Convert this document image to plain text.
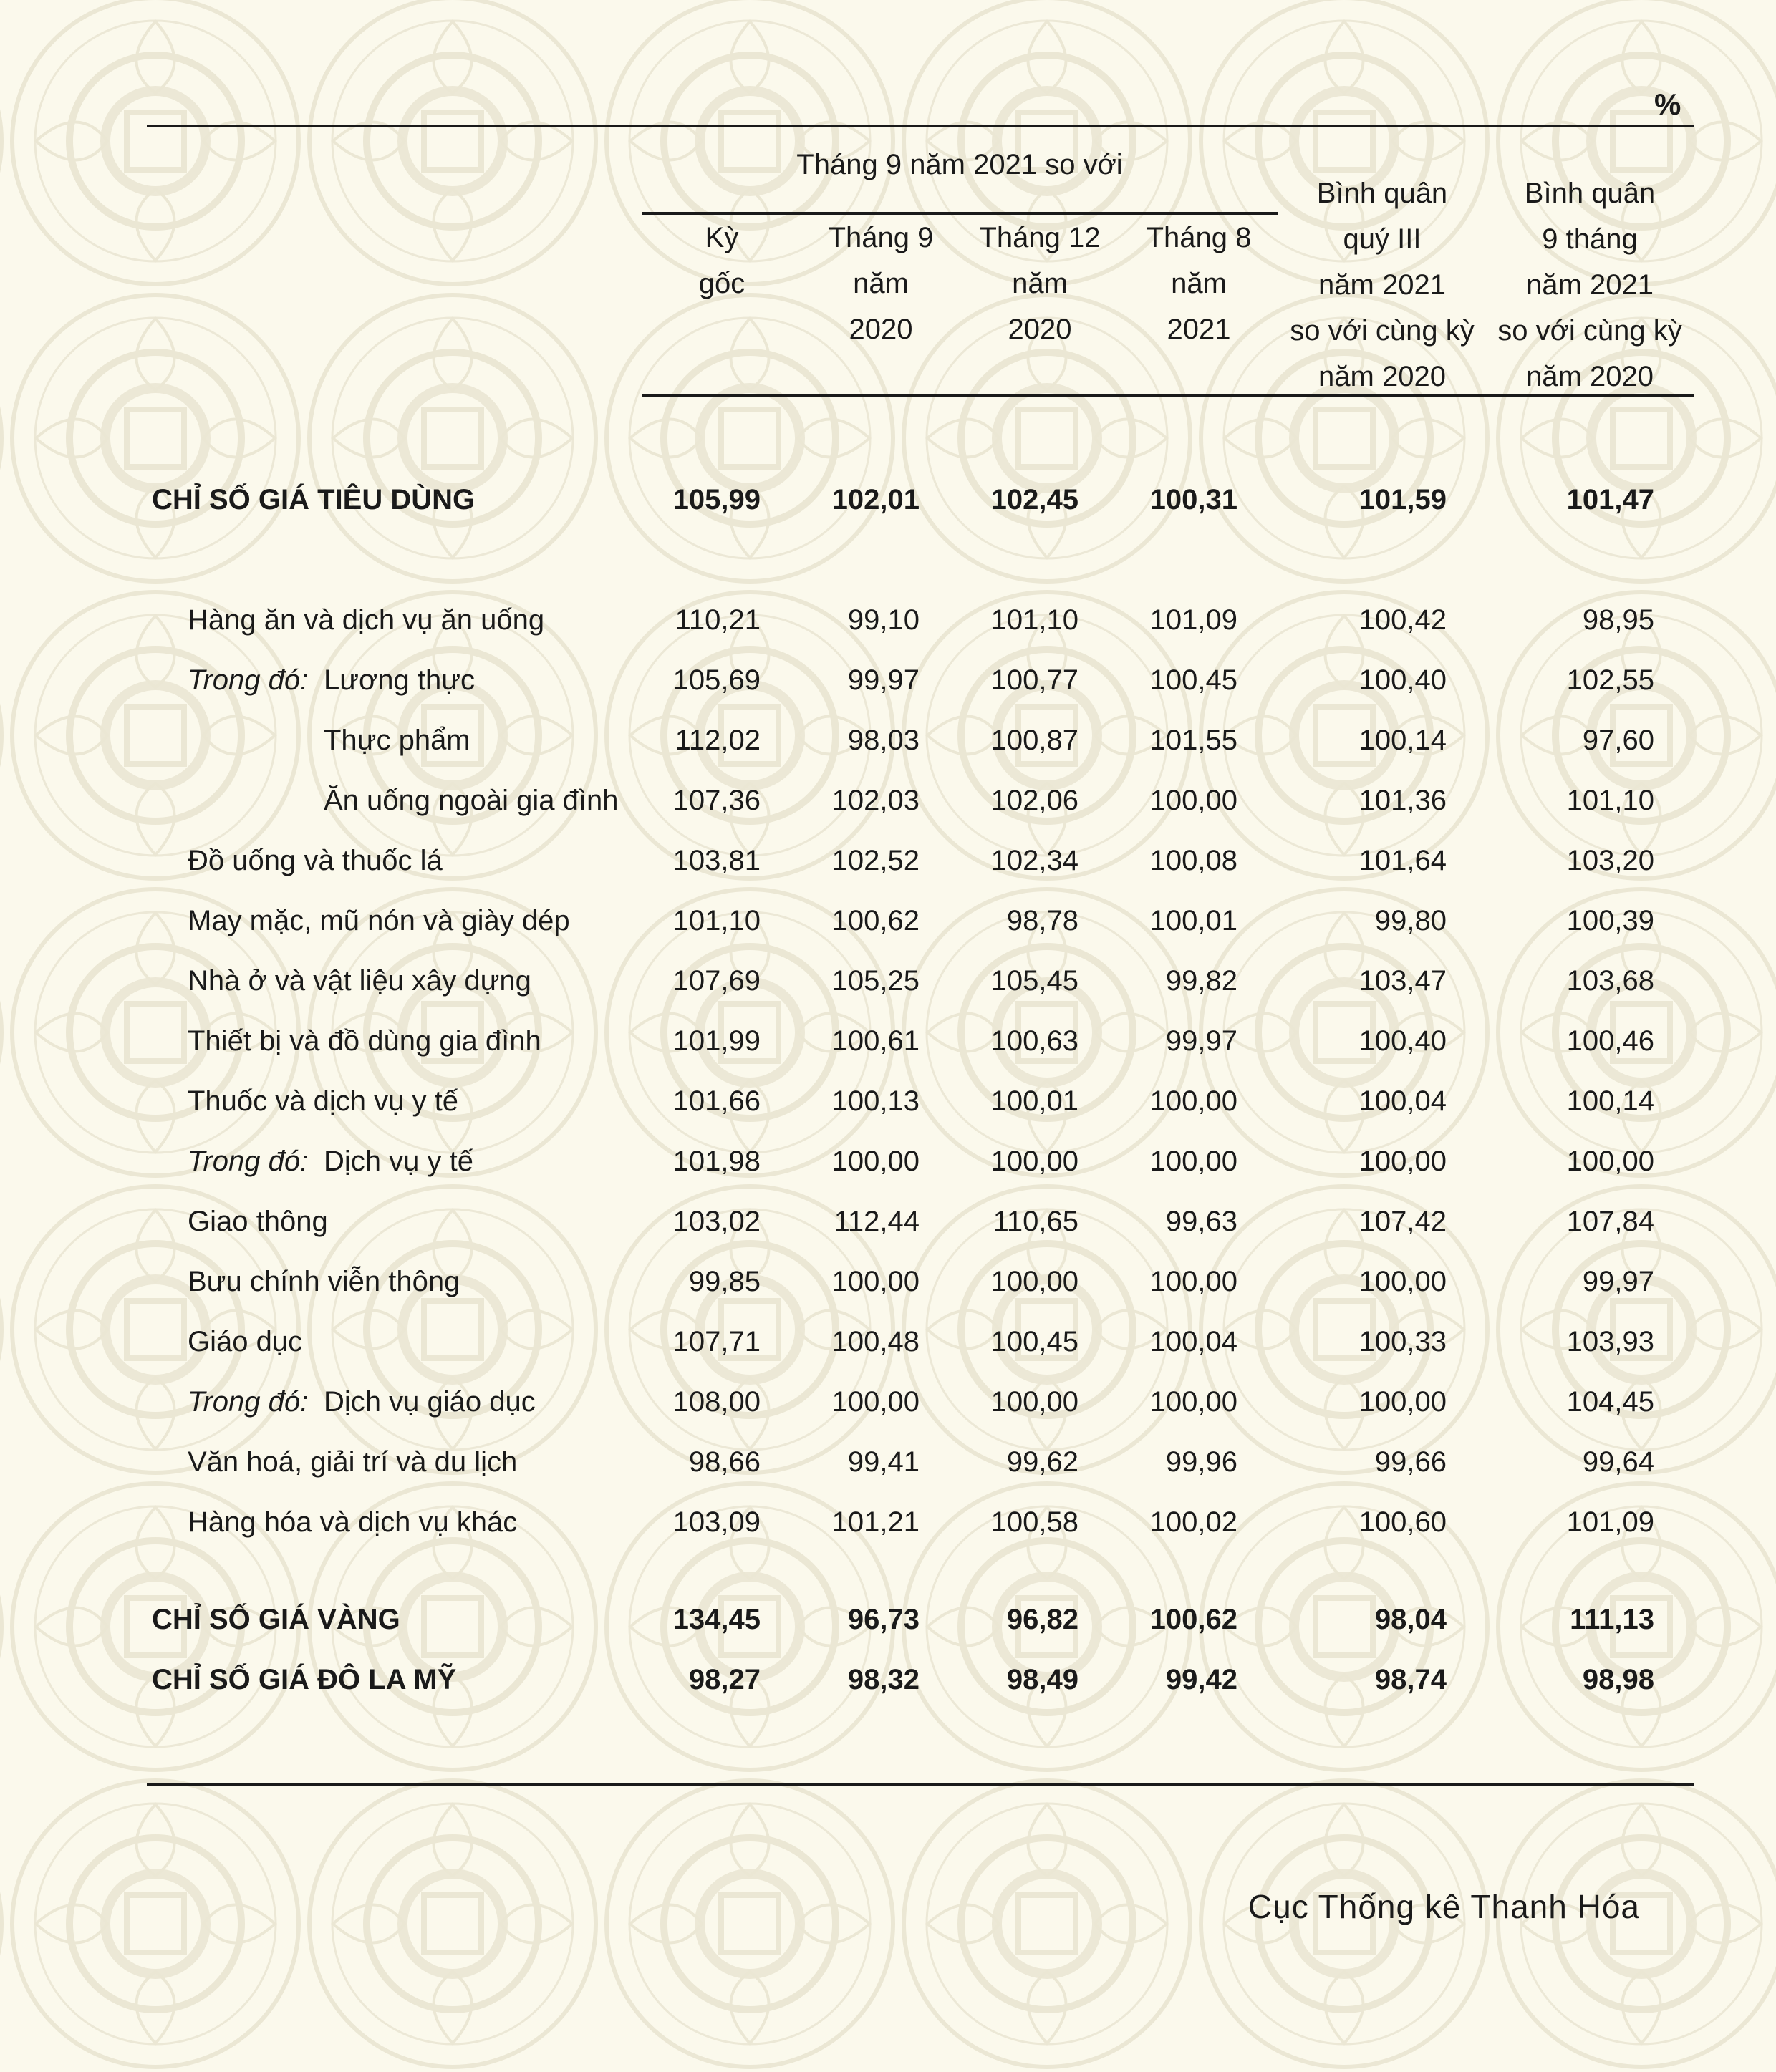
%
Tháng 9 năm 2021 so với
Kỳ
gốc
Tháng 9
năm
2020
Tháng 12
năm
2020
Tháng 8
năm
2021
Bình quân
quý III
năm 2021
so với cùng kỳ
năm 2020
Bình quân
9 tháng
năm 2021
so với cùng kỳ
năm 2020
CHỈ SỐ GIÁ TIÊU DÙNG	105,99 102,01 102,45 100,31	101,59	101,47
Hàng ăn và dịch vụ ăn uống	110,21	99,10 101,10 101,09	100,42	98,95
Trong đó: Lương thực	105,69	99,97 100,77 100,45	100,40	102,55
Thực phẩm	112,02	98,03 100,87 101,55	100,14	97,60
Ăn uống ngoài gia đình 107,36 102,03 102,06 100,00	101,36	101,10
Đồ uống và thuốc lá	103,81 102,52 102,34 100,08	101,64	103,20
May mặc, mũ nón và giày dép	101,10 100,62	98,78 100,01	99,80	100,39
Nhà ở và vật liệu xây dựng	107,69 105,25 105,45	99,82	103,47	103,68
Thiết bị và đồ dùng gia đình	101,99 100,61 100,63	99,97	100,40	100,46
Thuốc và dịch vụ y tế	101,66 100,13 100,01 100,00	100,04	100,14
Trong đó: Dịch vụ y tế	101,98 100,00 100,00 100,00	100,00	100,00
Giao thông	103,02	112,44	110,65	99,63	107,42	107,84
Bưu chính viễn thông	99,85 100,00 100,00 100,00	100,00	99,97
Giáo dục	107,71 100,48 100,45 100,04	100,33	103,93
Trong đó: Dịch vụ giáo dục	108,00 100,00 100,00 100,00	100,00	104,45
Văn hoá, giải trí và du lịch	98,66	99,41	99,62	99,96	99,66	99,64
Hàng hóa và dịch vụ khác	103,09 101,21 100,58 100,02	100,60	101,09
CHỈ SỐ GIÁ VÀNG	134,45	96,73	96,82 100,62	98,04	111,13
CHỈ SỐ GIÁ ĐÔ LA MỸ	98,27	98,32	98,49	99,42	98,74	98,98
Cục Thống kê Thanh Hóa
